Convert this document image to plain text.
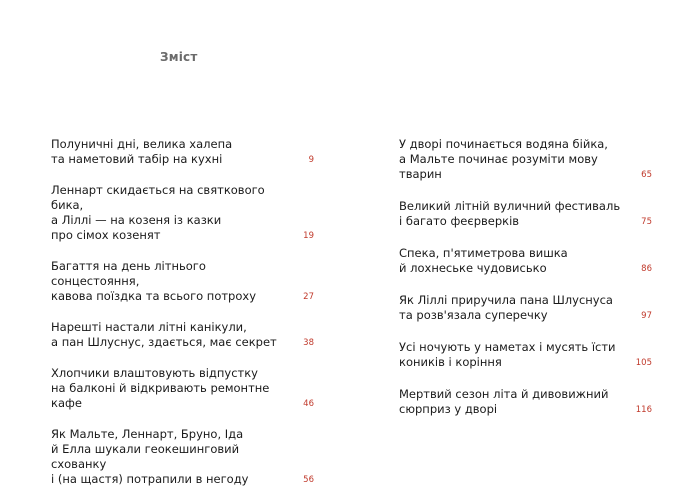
Зміст
Полуничні дні, велика халепа
та наметовий табір на кухні	9
Леннарт скидається на святкового бика,
а Ліллі — на козеня із казки
про сімох козенят	19
Багаття на день літнього сонцестояння,
кавова поїздка та всього потроху	27
Нарешті настали літні канікули,
а пан Шлуснус, здається, має секрет	38
Хлопчики влаштовують відпустку
на балконі й відкривають ремонтне кафе	46
Як Мальте, Леннарт, Бруно, Іда
й Елла шукали геокешинговий схованку
і (на щастя) потрапили в негоду	56
У дворі починається водяна бійка,
а Мальте починає розуміти мову тварин	65
Великий літній вуличний фестиваль
і багато феєрверків	75
Спека, п'ятиметрова вишка
й лохнеське чудовисько	86
Як Ліллі приручила пана Шлуснуса
та розв'язала суперечку	97
Усі ночують у наметах і мусять їсти
коників і коріння	105
Мертвий сезон літа й дивовижний
сюрприз у дворі	116
